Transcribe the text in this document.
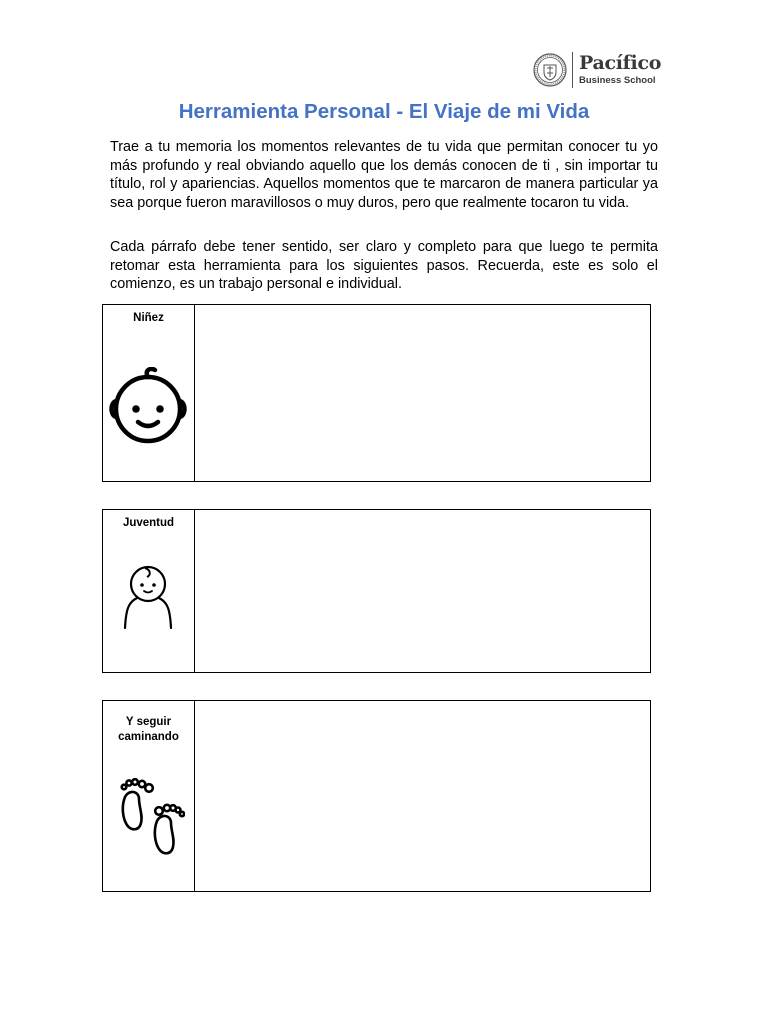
Pacífico
Business School
Herramienta Personal - El Viaje de mi Vida

Trae a tu memoria los momentos relevantes de tu vida que permitan conocer tu yo más profundo y real obviando aquello que los demás conocen de ti , sin importar tu título, rol y apariencias. Aquellos momentos que te marcaron de manera particular ya sea porque fueron maravillosos o muy duros, pero que realmente tocaron tu vida.

Cada párrafo debe tener sentido, ser claro y completo para que luego te permita retomar esta herramienta para los siguientes pasos. Recuerda, este es solo el comienzo, es un trabajo personal e individual.

Niñez
Juventud
Y seguir caminando
